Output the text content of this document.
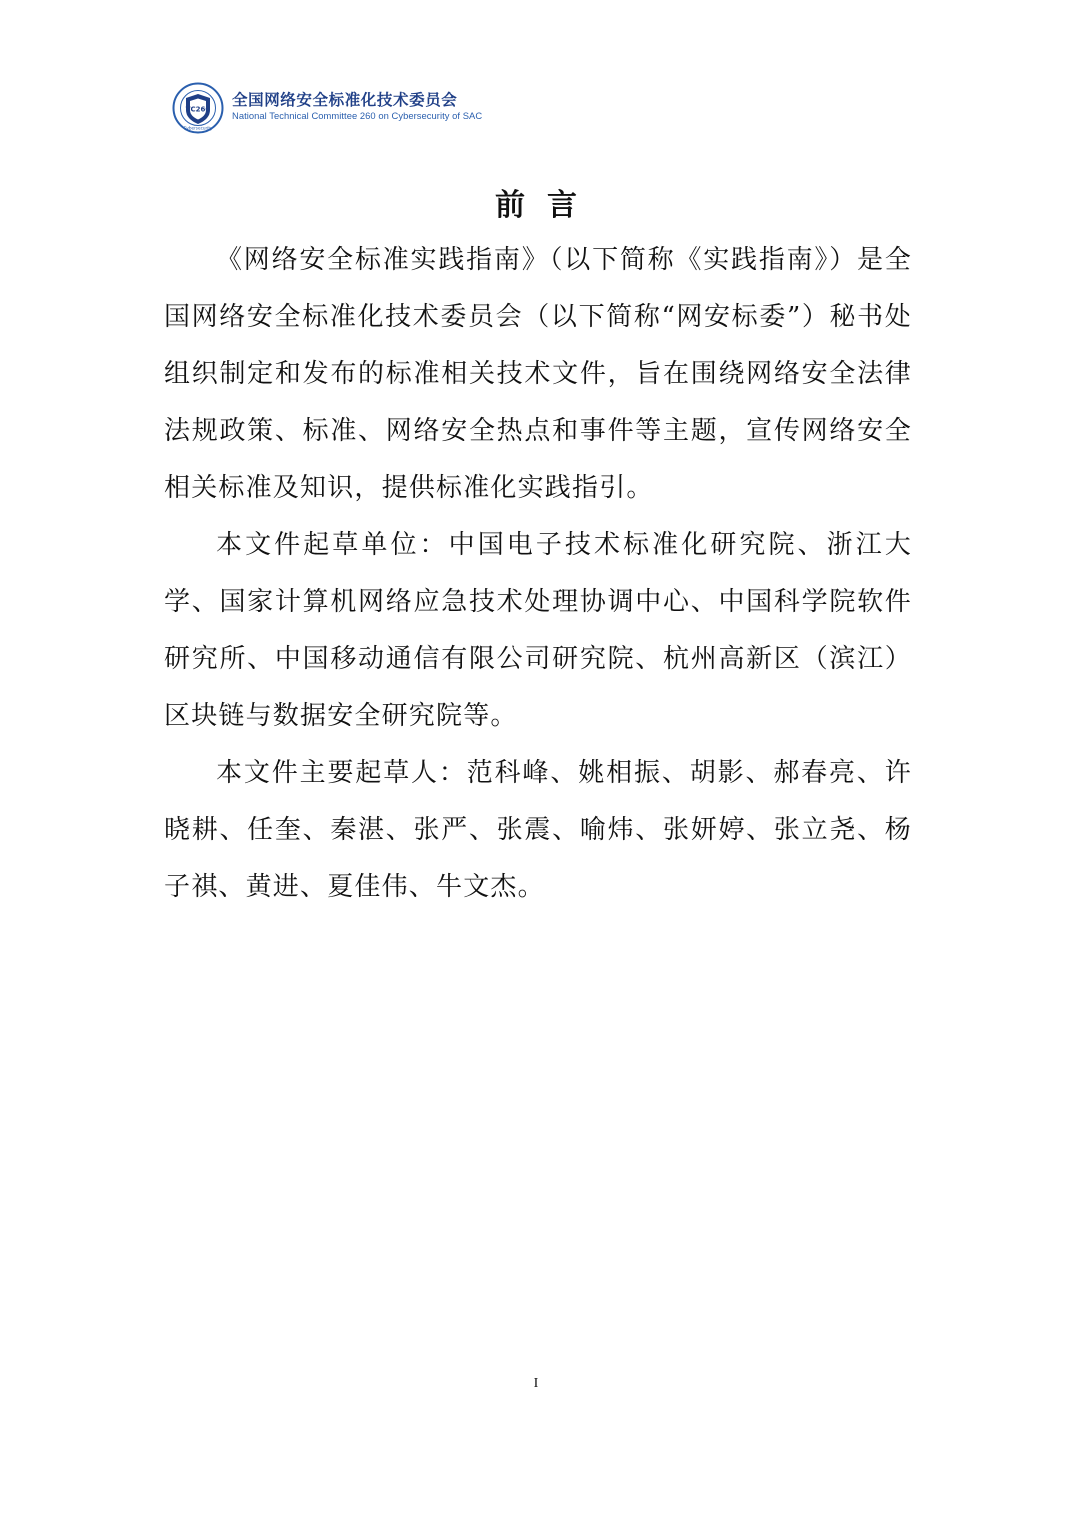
TC260
Cybersecurity
全国网络安全标准化技术委员会
National Technical Committee 260 on Cybersecurity of SAC
前言

《网络安全标准实践指南》（以下简称《实践指南》）是全国网络安全标准化技术委员会（以下简称“网安标委”）秘书处组织制定和发布的标准相关技术文件，旨在围绕网络安全法律法规政策、标准、网络安全热点和事件等主题，宣传网络安全相关标准及知识，提供标准化实践指引。

本文件起草单位：中国电子技术标准化研究院、浙江大学、国家计算机网络应急技术处理协调中心、中国科学院软件研究所、中国移动通信有限公司研究院、杭州高新区（滨江）区块链与数据安全研究院等。

本文件主要起草人：范科峰、姚相振、胡影、郝春亮、许晓耕、任奎、秦湛、张严、张震、喻炜、张妍婷、张立尧、杨子祺、黄进、夏佳伟、牛文杰。

I
